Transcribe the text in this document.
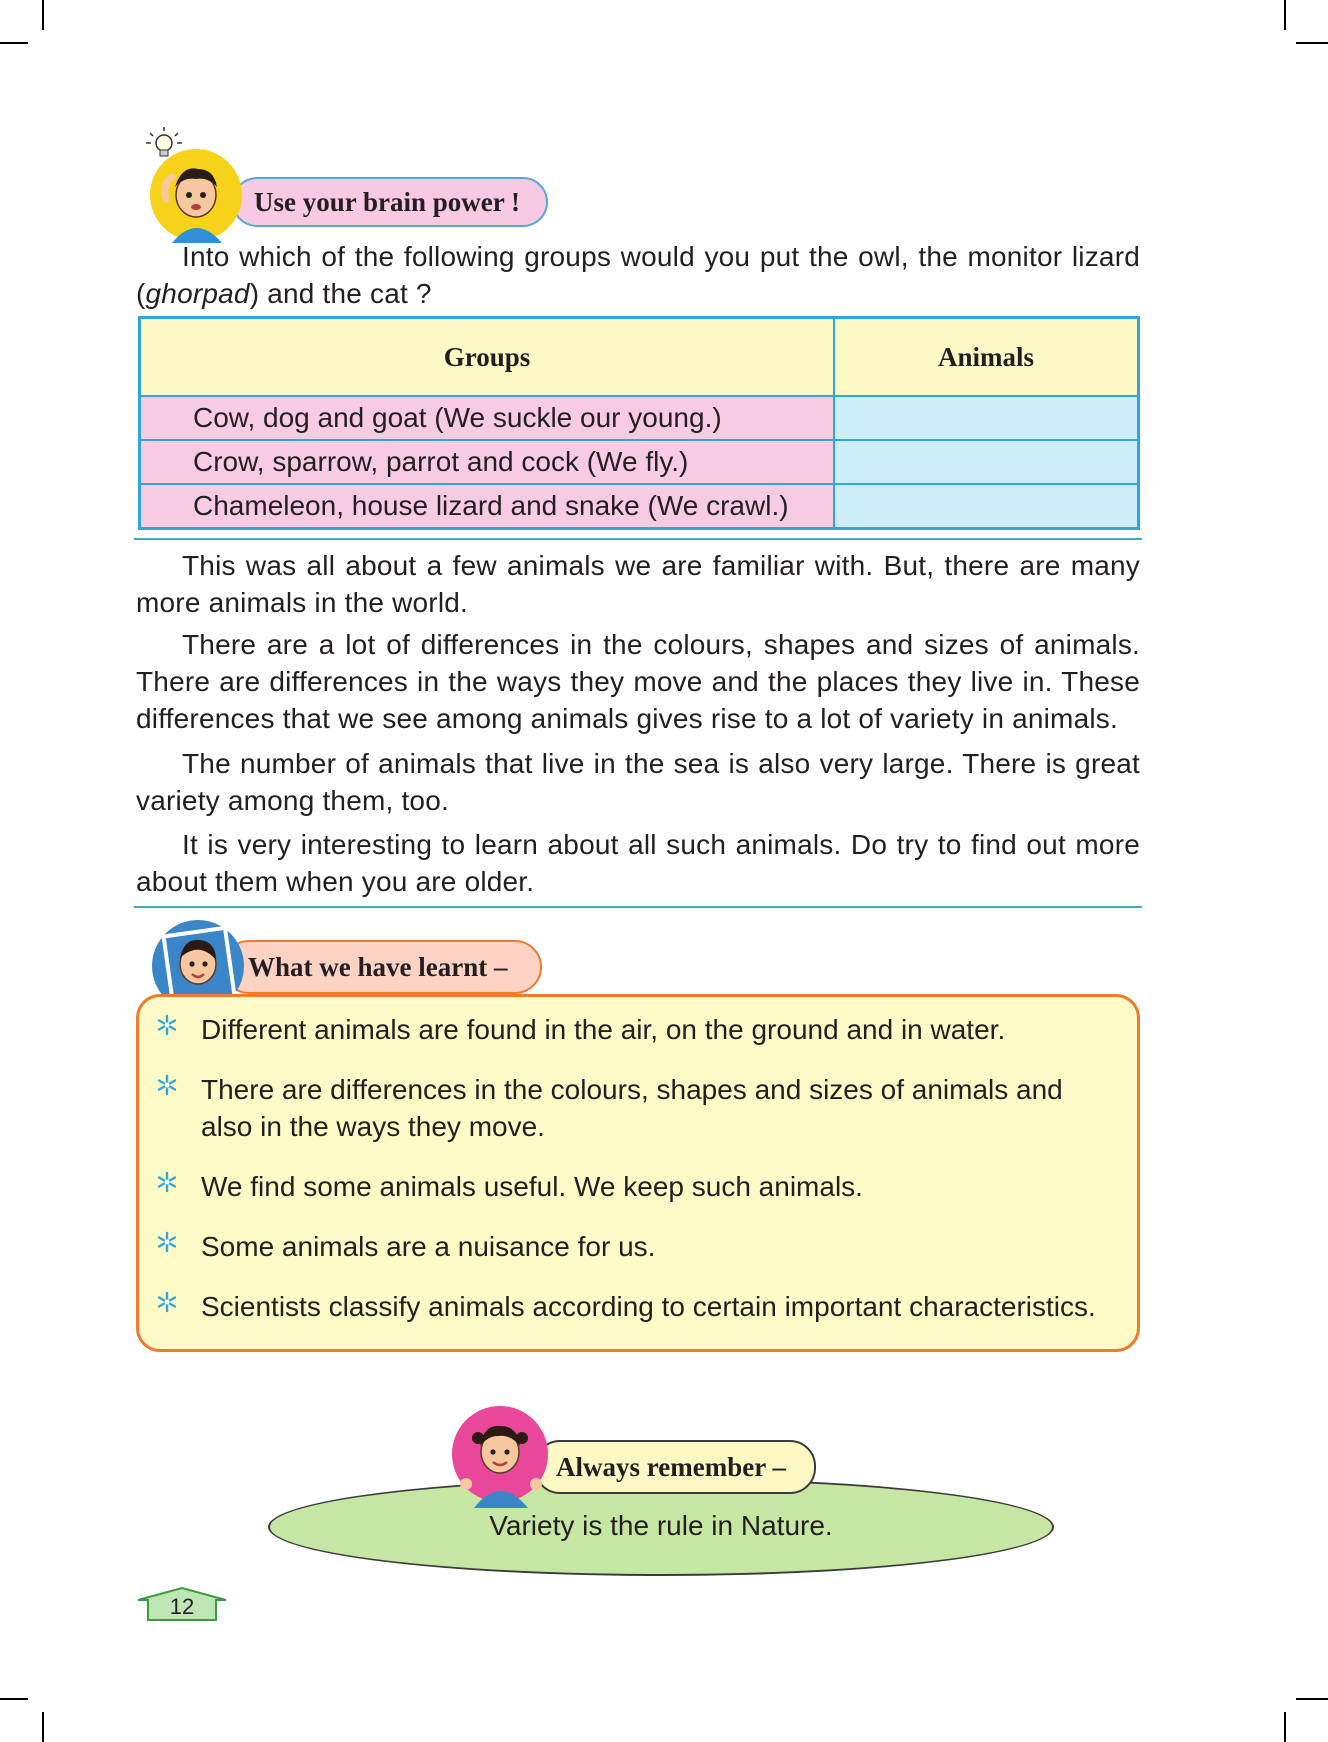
Use your brain power !

Into which of the following groups would you put the owl, the monitor lizard (ghorpad) and the cat ?

Groups	Animals
Cow, dog and goat (We suckle our young.)	
Crow, sparrow, parrot and cock (We fly.)	
Chameleon, house lizard and snake (We crawl.)	

This was all about a few animals we are familiar with. But, there are many more animals in the world.

There are a lot of differences in the colours, shapes and sizes of animals. There are differences in the ways they move and the places they live in. These differences that we see among animals gives rise to a lot of variety in animals.

The number of animals that live in the sea is also very large. There is great variety among them, too.

It is very interesting to learn about all such animals. Do try to find out more about them when you are older.

What we have learnt –
Different animals are found in the air, on the ground and in water.
There are differences in the colours, shapes and sizes of animals and also in the ways they move.
We find some animals useful. We keep such animals.
Some animals are a nuisance for us.
Scientists classify animals according to certain important characteristics.
Always remember –
Variety is the rule in Nature.
12
